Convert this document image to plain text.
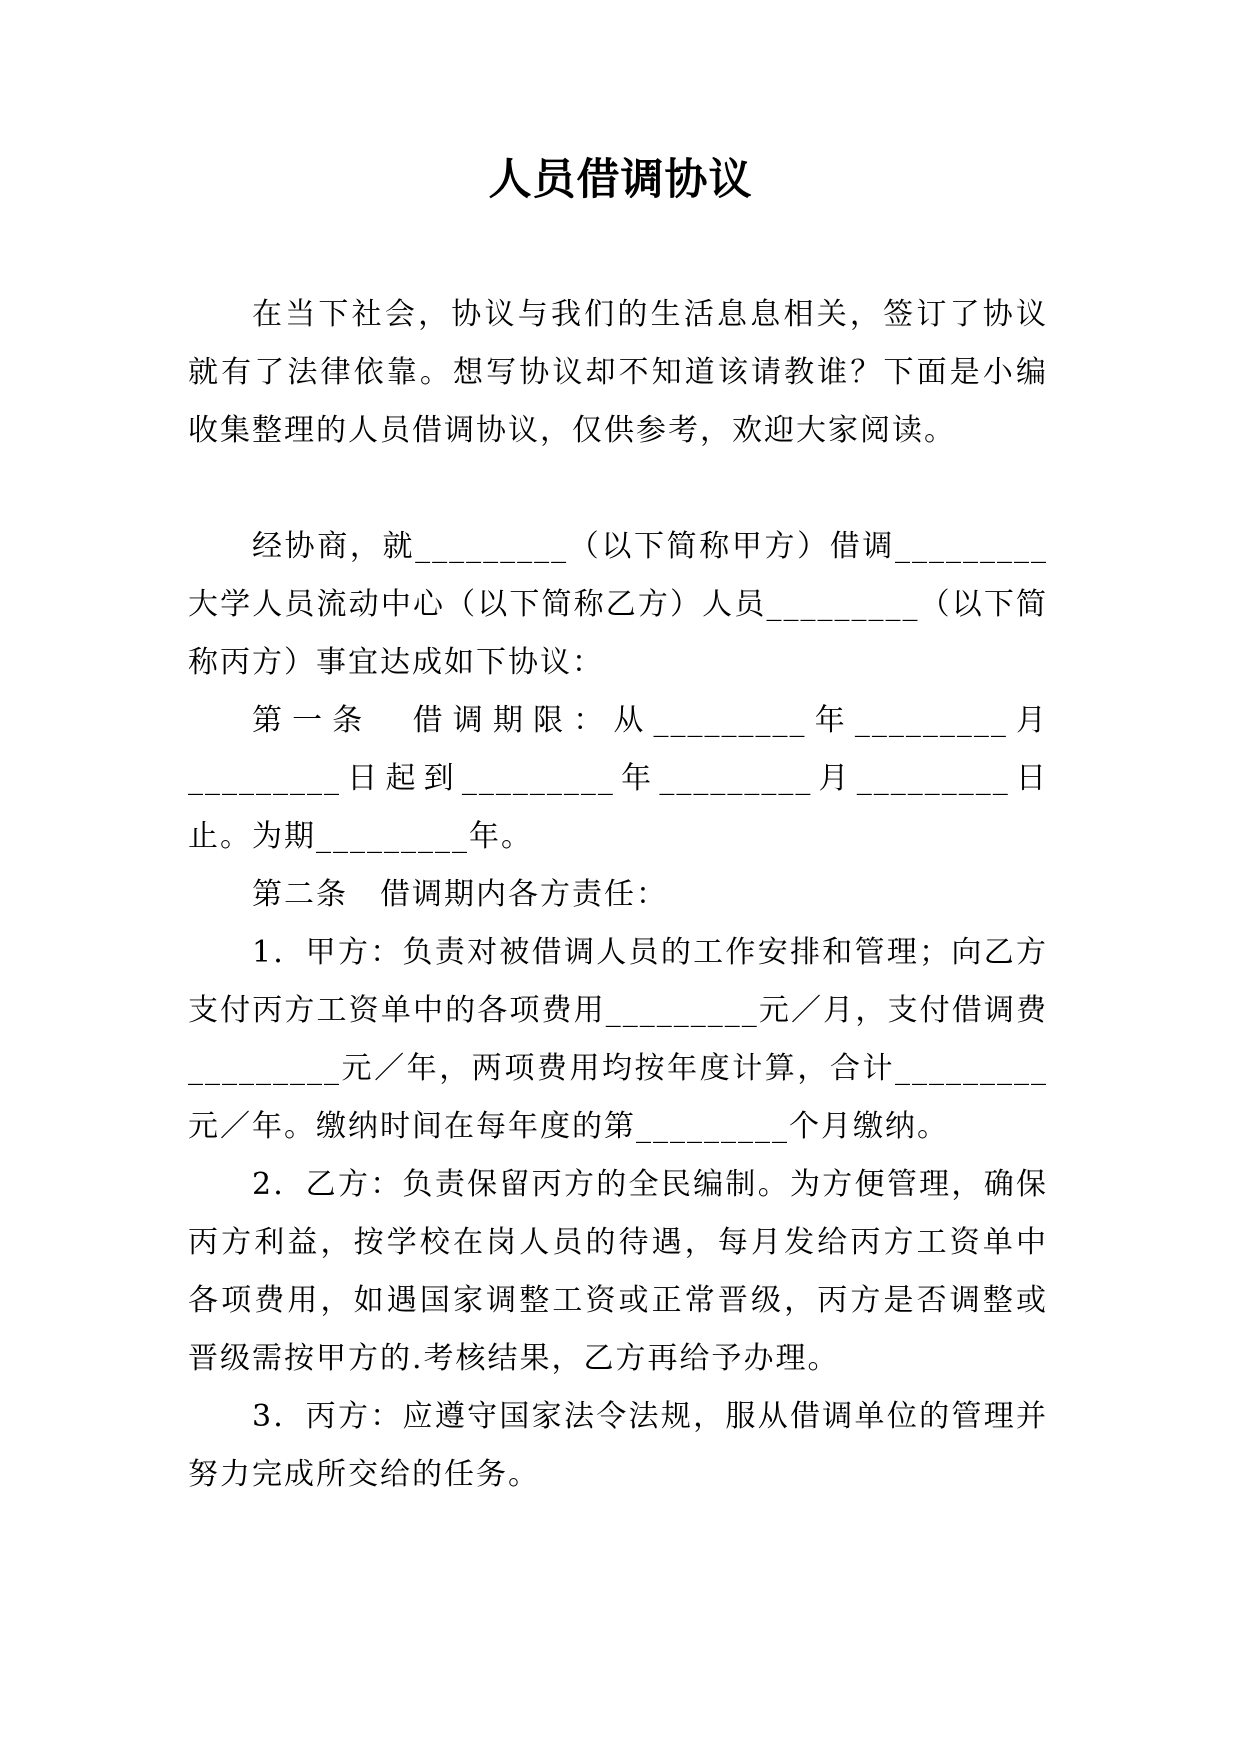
人员借调协议

在当下社会，协议与我们的生活息息相关，签订了协议就有了法律依靠。想写协议却不知道该请教谁？下面是小编收集整理的人员借调协议，仅供参考，欢迎大家阅读。

经协商，就_________（以下简称甲方）借调_________大学人员流动中心（以下简称乙方）人员_________（以下简称丙方）事宜达成如下协议：

第一条　借调期限：从_________年_________月_________日起到_________年_________月_________日止。为期_________年。

第二条　借调期内各方责任：

1．甲方：负责对被借调人员的工作安排和管理；向乙方支付丙方工资单中的各项费用_________元／月，支付借调费_________元／年，两项费用均按年度计算，合计_________元／年。缴纳时间在每年度的第_________个月缴纳。

2．乙方：负责保留丙方的全民编制。为方便管理，确保丙方利益，按学校在岗人员的待遇，每月发给丙方工资单中各项费用，如遇国家调整工资或正常晋级，丙方是否调整或晋级需按甲方的.考核结果，乙方再给予办理。

3．丙方：应遵守国家法令法规，服从借调单位的管理并努力完成所交给的任务。
